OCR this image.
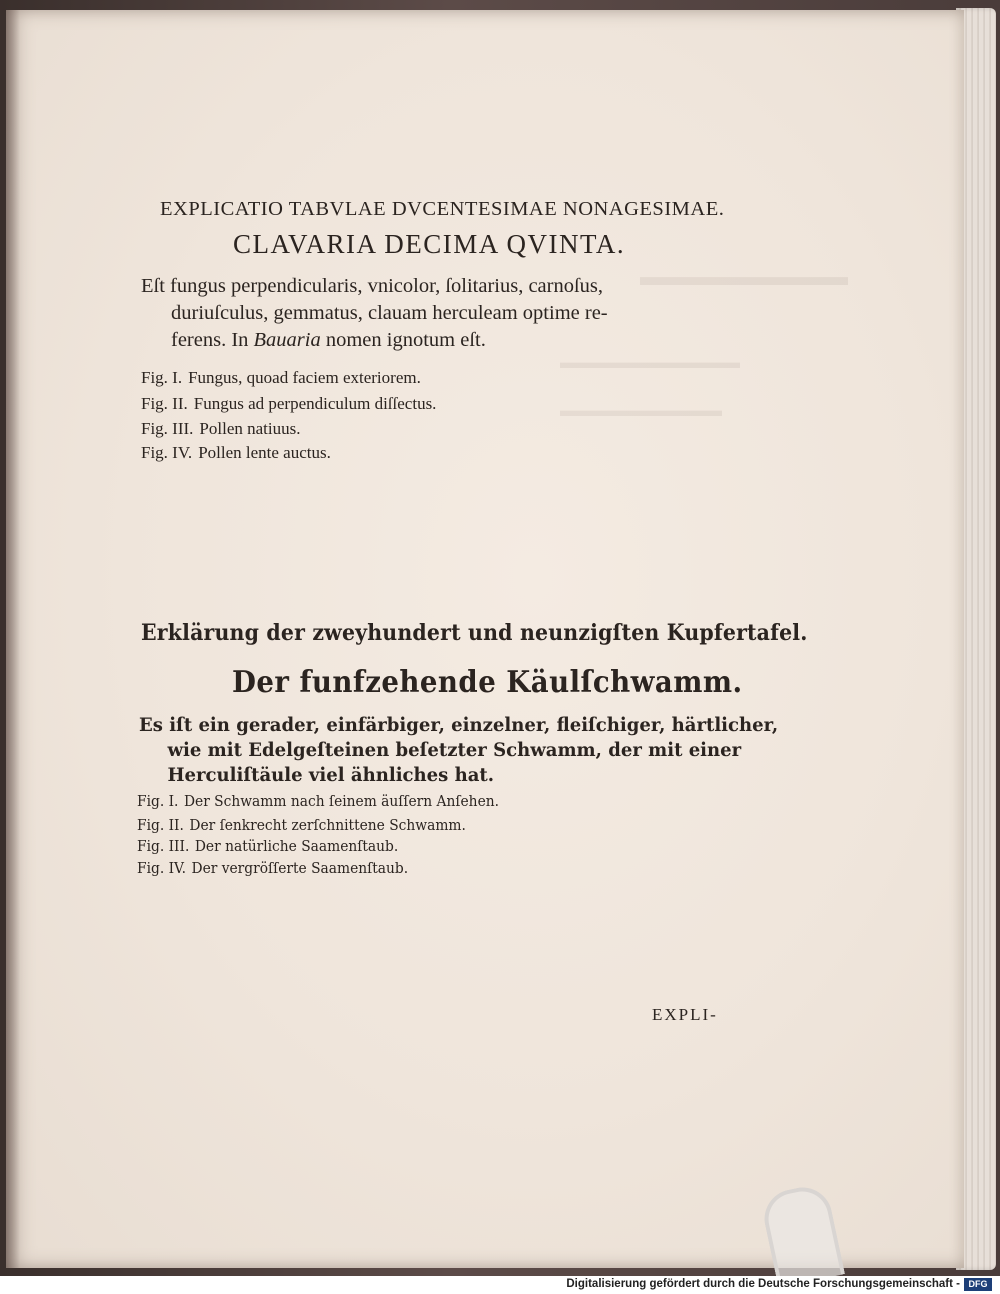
▬▬▬▬▬▬▬▬
▬▬▬▬▬▬▬▬▬▬
▬▬▬▬▬▬▬▬▬
EXPLICATIO TABVLAE DVCENTESIMAE NONAGESIMAE.
CLAVARIA DECIMA QVINTA.
Eſt fungus perpendicularis, vnicolor, ſolitarius, carnoſus,
duriuſculus, gemmatus, clauam herculeam optime re-
ferens. In Bauaria nomen ignotum eſt.
Fig. I. Fungus, quoad faciem exteriorem.
Fig. II. Fungus ad perpendiculum diſſectus.
Fig. III. Pollen natiuus.
Fig. IV. Pollen lente auctus.
Erklärung der zweyhundert und neunzigſten Kupfertafel.
Der funfzehende Käulſchwamm.
Es iſt ein gerader, einfärbiger, einzelner, fleiſchiger, härtlicher,
wie mit Edelgeſteinen beſetzter Schwamm, der mit einer
Herculiſtäule viel ähnliches hat.
Fig. I. Der Schwamm nach ſeinem äuſſern Anſehen.
Fig. II. Der ſenkrecht zerſchnittene Schwamm.
Fig. III. Der natürliche Saamenſtaub.
Fig. IV. Der vergröſſerte Saamenſtaub.
EXPLI-
Digitalisierung gefördert durch die Deutsche Forschungsgemeinschaft - DFG
